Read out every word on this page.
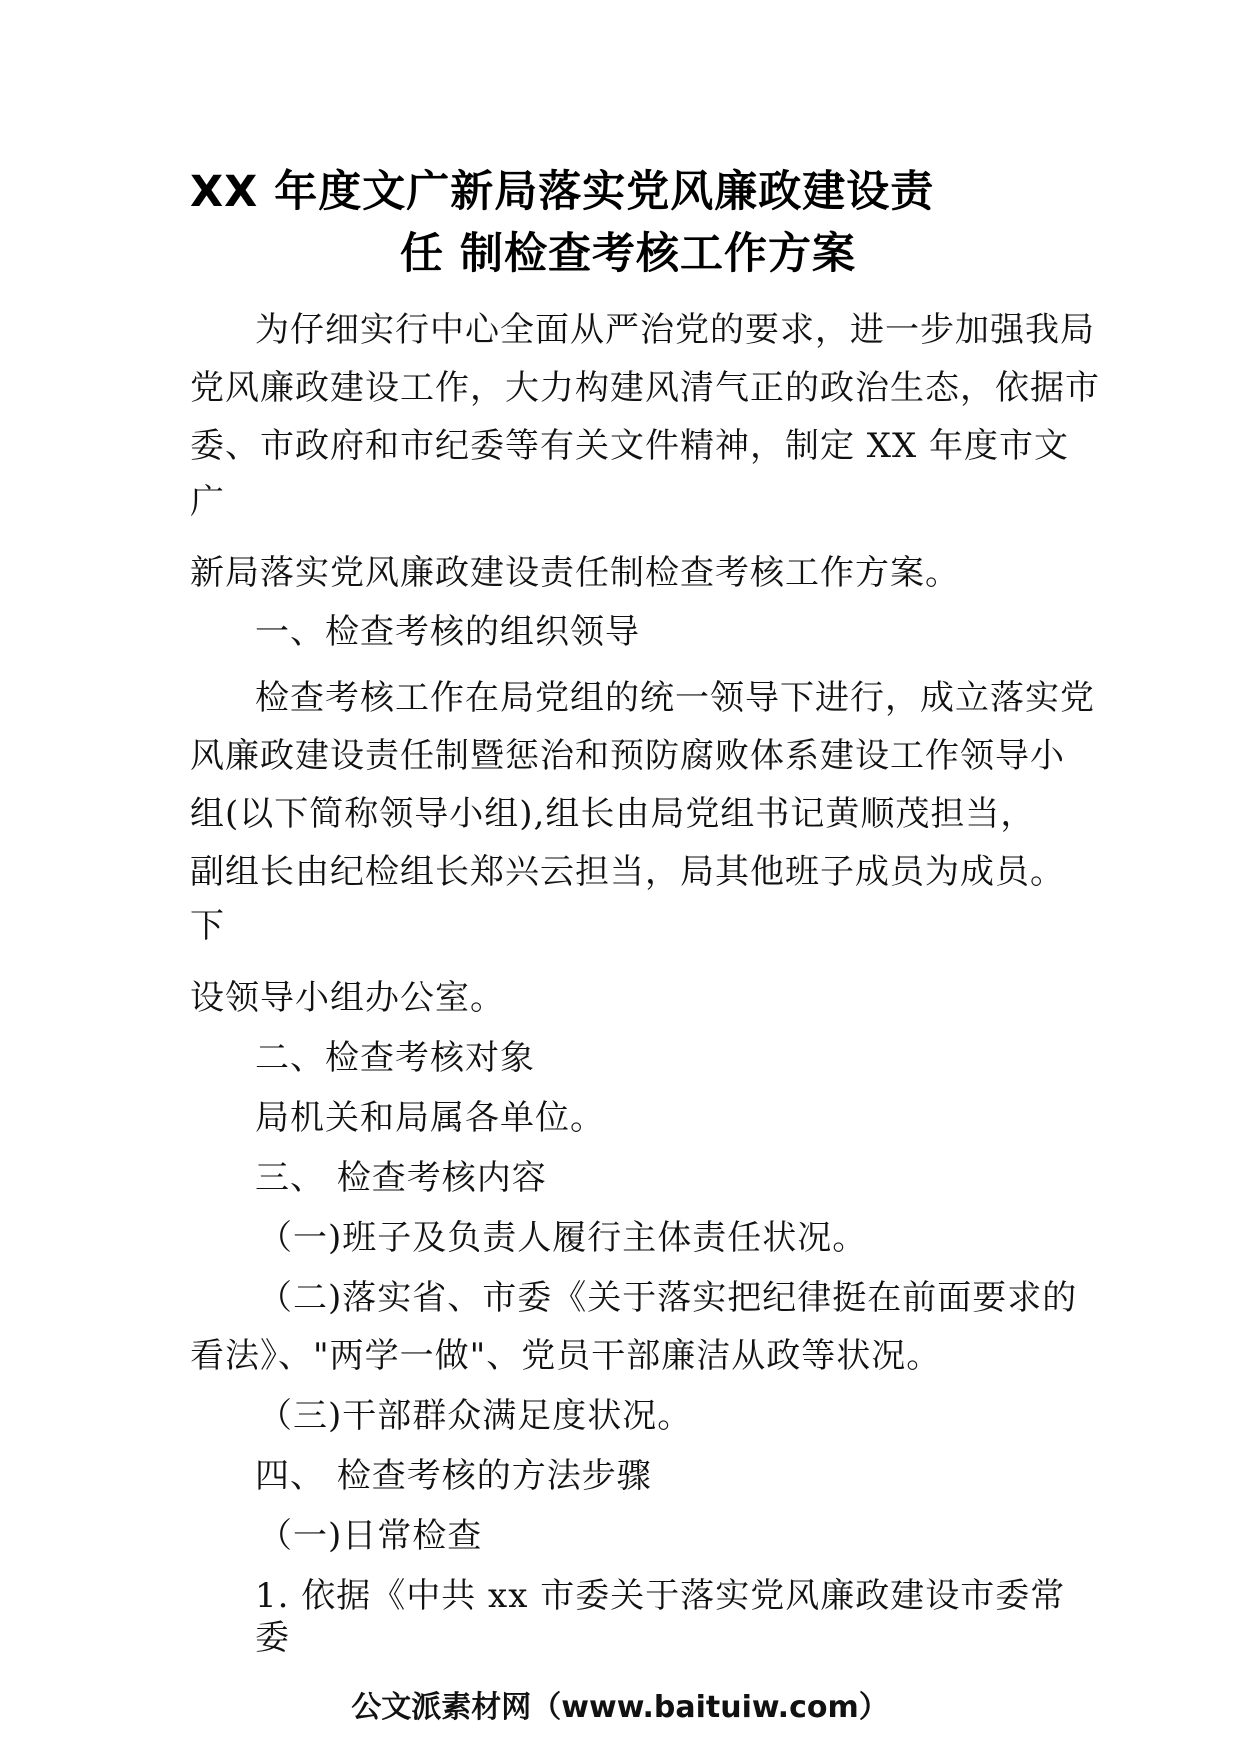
XX 年度文广新局落实党风廉政建设责
任 制检查考核工作方案
为仔细实行中心全面从严治党的要求，进一步加强我局
党风廉政建设工作，大力构建风清气正的政治生态，依据市
委、市政府和市纪委等有关文件精神，制定 XX 年度市文
广
新局落实党风廉政建设责任制检查考核工作方案。
一、检查考核的组织领导
检查考核工作在局党组的统一领导下进行，成立落实党
风廉政建设责任制暨惩治和预防腐败体系建设工作领导小
组(以下简称领导小组),组长由局党组书记黄顺茂担当，
副组长由纪检组长郑兴云担当，局其他班子成员为成员。
下
设领导小组办公室。
二、检查考核对象
局机关和局属各单位。
三、 检查考核内容
（一)班子及负责人履行主体责任状况。
（二)落实省、市委《关于落实把纪律挺在前面要求的
看法》、"两学一做"、党员干部廉洁从政等状况。
（三)干部群众满足度状况。
四、 检查考核的方法步骤
（一)日常检查
1. 依据《中共 xx 市委关于落实党风廉政建设市委常
委
公文派素材网（www.baituiw.com）
